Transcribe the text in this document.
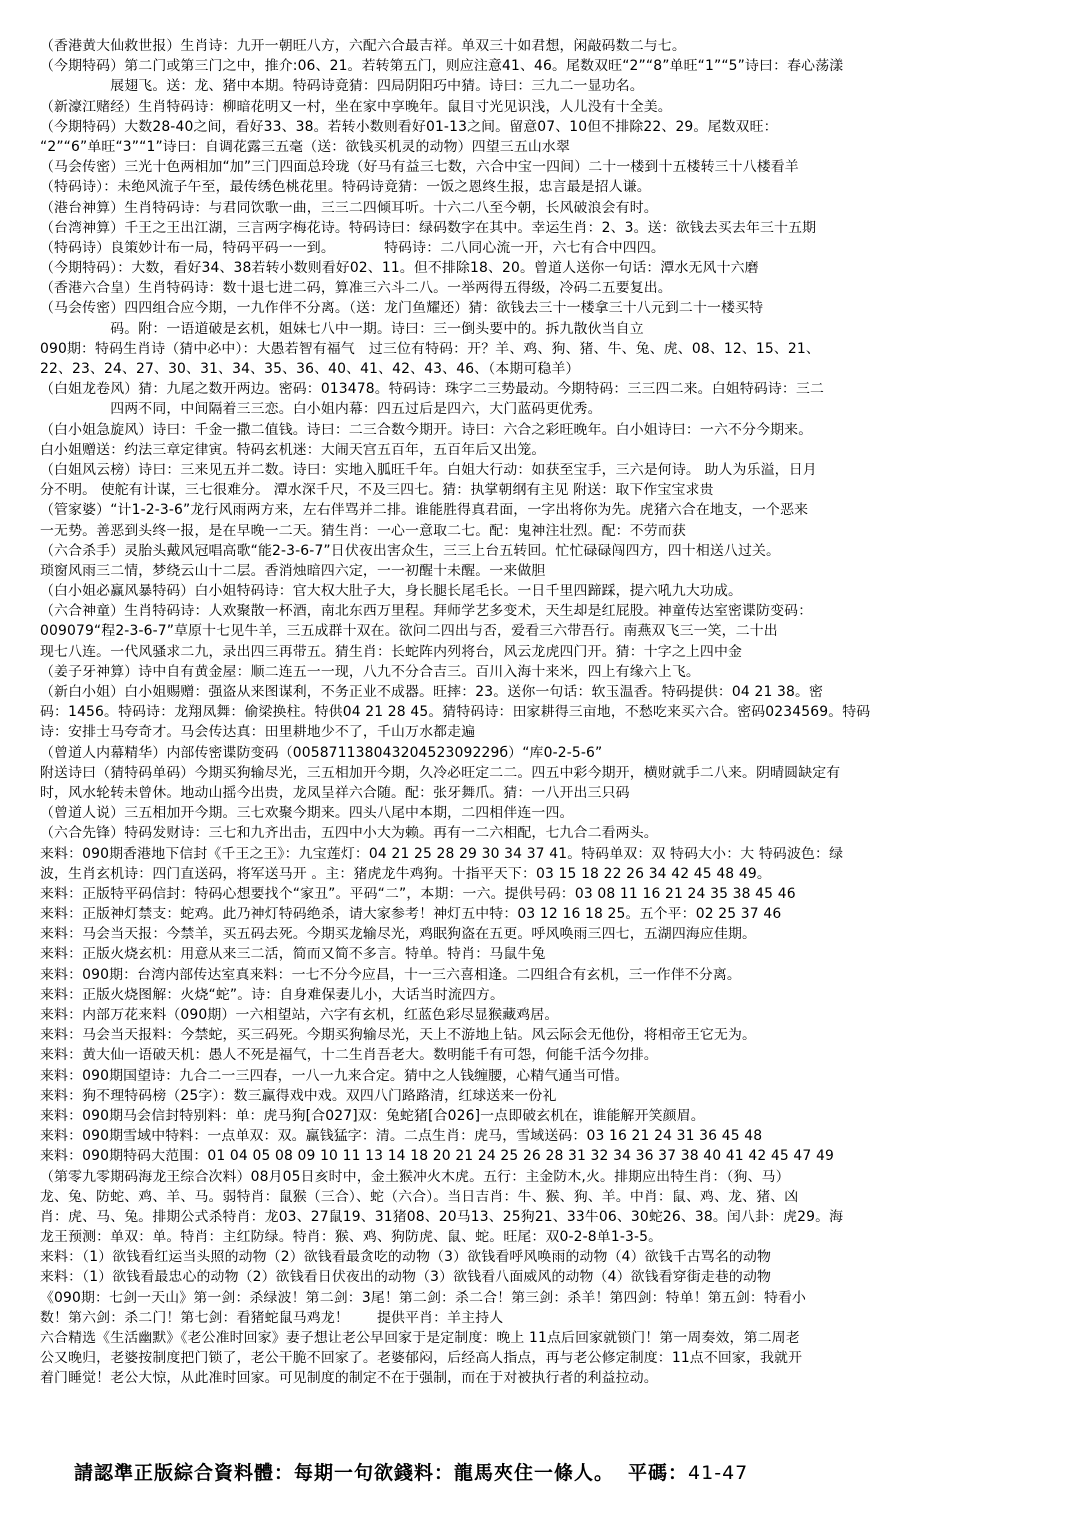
（香港黄大仙救世报）生肖诗：九开一朝旺八方，六配六合最吉祥。单双三十如君想，闲敲码数二与七。
（今期特码）第二门或第三门之中，推介:06、21。若转第五门，则应注意41、46。尾数双旺“2”“8”单旺“1”“5”诗曰：春心荡漾
　　　　　展翅飞。送：龙、猪中本期。特码诗竟猜：四局阴阳巧中猜。诗曰：三九二一显功名。
（新濠江赌经）生肖特码诗：柳暗花明又一村，坐在家中享晚年。鼠目寸光见识浅，人儿没有十全美。
（今期特码）大数28-40之间，看好33、38。若转小数则看好01-13之间。留意07、10但不排除22、29。尾数双旺：
“2”“6”单旺“3”“1”诗曰：自调花露三五毫（送：欲钱买机灵的动物）四望三五山水翠
（马会传密）三光十色两相加“加”三门四面总玲珑（好马有益三七数，六合中宝一四间）二十一楼到十五楼转三十八楼看羊
（特码诗）：未绝风流子午至，最传绣色桃花里。特码诗竟猜：一饭之恩终生报，忠言最是招人谦。
（港台神算）生肖特码诗：与君同饮歌一曲，三三二四倾耳听。十六二八至今朝，长风破浪会有时。
（台湾神算）千王之王出江湖，三言两字梅花诗。特码诗曰：绿码数字在其中。幸运生肖：2、3。送：欲钱去买去年三十五期
（特码诗）良策妙计布一局，特码平码一一到。　　　　特码诗：二八同心流一开，六七有合中四四。
（今期特码）：大数，看好34、38若转小数则看好02、11。但不排除18、20。曾道人送你一句话：潭水无风十六磨
（香港六合皇）生肖特码诗：数十退七进二码，算准三六斗二八。一举两得五得级，冷码二五要复出。
（马会传密）四四组合应今期，一九作伴不分离。（送：龙门鱼耀还）猜：欲钱去三十一楼拿三十八元到二十一楼买特
　　　　　码。附：一语道破是玄机，姐妹七八中一期。诗曰：三一倒头要中的。拆九散伙当自立
090期：特码生肖诗（猜中必中）：大愚若智有福气　过三位有特码：开？羊、鸡、狗、猪、牛、兔、虎、08、12、15、21、
22、23、24、27、30、31、34、35、36、40、41、42、43、46、（本期可稳羊）
（白姐龙卷风）猜：九尾之数开两边。密码：013478。特码诗：珠字二三势最动。今期特码：三三四二来。白姐特码诗：三二
　　　　　四两不同，中间隔着三三恋。白小姐内幕：四五过后是四六，大门蓝码更优秀。
（白小姐急旋风）诗曰：千金一撒二值钱。诗曰：二三合数今期开。诗曰：六合之彩旺晚年。白小姐诗曰：一六不分今期来。
白小姐赠送：约法三章定律寅。特码玄机迷：大闹天宫五百年，五百年后又出笼。
（白姐风云榜）诗曰：三来见五并二数。诗曰：实地入胍旺千年。白姐大行动：如获至宝手，三六是何诗。 助人为乐溢，日月
分不明。 使舵有计谋，三七很难分。 潭水深千尺，不及三四七。猜：执掌朝纲有主见 附送：取下作宝宝求贵
（管家婆）“计1-2-3-6”龙行风雨两方来，左右伴骂并二排。谁能胜得真君面，一字出将你为先。虎猪六合在地支，一个恶来
一无势。善恶到头终一报，是在早晚一二天。猜生肖：一心一意取二七。配：鬼神注壮烈。配：不劳而获
（六合杀手）灵胎头戴风冠唱高歌“能2-3-6-7”日伏夜出害众生，三三上台五转回。忙忙碌碌闯四方，四十相送八过关。
琐窗风雨三二情，梦绕云山十二层。香消烛暗四六定，一一初醒十未醒。一来做胆
（白小姐必赢风暴特码）白小姐特码诗：官大权大肚子大，身长腿长尾毛长。一日千里四蹄踩，提六吼九大功成。
（六合神童）生肖特码诗：人欢聚散一杯酒，南北东西万里程。拜师学艺多变术，天生却是红屁股。神童传达室密谍防变码：
009079“程2-3-6-7”草原十七见牛羊，三五成群十双在。欲问二四出与否，爱看三六带吾行。南燕双飞三一笑，二十出
现七八连。一代风骚求二九，录出四三再带五。猜生肖：长蛇阵内列将台，风云龙虎四门开。猜：十字之上四中金
（姜子牙神算）诗中自有黄金屋：顺二连五一一现，八九不分合吉三。百川入海十来米，四上有缘六上飞。
（新白小姐）白小姐赐赠：强盗从来图谋利，不务正业不成器。旺摔：23。送你一句话：软玉温香。特码提供：04 21 38。密
码：1456。特码诗：龙翔凤舞：偷梁换柱。特供04 21 28 45。猜特码诗：田家耕得三亩地，不愁吃来买六合。密码0234569。特码
诗：安排士马夸奇才。马会传达真：田里耕地少不了，千山万水都走遍
（曾道人内幕精华）内部传密谍防变码（00587113804320452309229б）“库0-2-5-6”
附送诗曰（猜特码单码）今期买狗输尽光，三五相加开今期，久冷必旺定二二。四五中彩今期开，横财就手二八来。阴晴圆缺定有
时，风水轮转未曾休。地动山摇今出贵，龙凤呈祥六合随。配：张牙舞爪。猜：一八开出三只码
（曾道人说）三五相加开今期。三七欢聚今期来。四头八尾中本期，二四相伴连一四。
（六合先锋）特码发财诗：三七和九齐出击，五四中小大为赖。再有一二六相配，七九合二看两头。
来料：090期香港地下信封《千王之王》：九宝莲灯：04 21 25 28 29 30 34 37 41。特码单双：双 特码大小：大 特码波色：绿
波，生肖玄机诗：四门直送码，将军送马开 。主：猪虎龙牛鸡狗。十指平天下：03 15 18 22 26 34 42 45 48 49。
来料：正版特平码信封：特码心想要找个“家丑”。平码“二”，本期：一六。提供号码：03 08 11 16 21 24 35 38 45 46
来料：正版神灯禁支：蛇鸡。此乃神灯特码绝杀，请大家参考！神灯五中特：03 12 16 18 25。五个平：02 25 37 46
来料：马会当天报：今禁羊，买五码去死。今期买龙输尽光，鸡眠狗盗在五更。呼风唤雨三四七，五湖四海应佳期。
来料：正版火烧玄机：用意从来三二活，简而又简不多言。特单。特肖：马鼠牛兔
来料：090期：台湾内部传达室真来料：一七不分今应昌，十一三六喜相逢。二四组合有玄机，三一作伴不分离。
来料：正版火烧图解：火烧“蛇”。诗：自身难保妻儿小，大话当时流四方。
来料：内部万花来料（090期）一六相望站，六字有玄机，红蓝色彩尽显猴藏鸡居。
来料：马会当天报料：今禁蛇，买三码死。今期买狗输尽光，天上不游地上钻。风云际会无他份，将相帝王它无为。
来料：黄大仙一语破天机：愚人不死是福气，十二生肖吾老大。数明能千有可怨，何能千活今勿排。
来料：090期国望诗：九合二一三四春，一八一九来合定。猜中之人钱缠腰，心精气通当可惜。
来料：狗不理特码榜（25字）：数三赢得戏中戏。双四八门路路清，红球送来一份礼
来料：090期马会信封特别料：单：虎马狗[合027]双：兔蛇猪[合026]一点即破玄机在，谁能解开笑颜眉。
来料：090期雪域中特料：一点单双：双。赢钱猛字：清。二点生肖：虎马，雪域送码：03 16 21 24 31 36 45 48
来料：090期特码大范围：01 04 05 08 09 10 11 13 14 18 20 21 24 25 26 28 31 32 34 36 37 38 40 41 42 45 47 49
（第零九零期码海龙王综合次料）08月05日亥时中，金土猴冲火木虎。五行：主金防木,火。排期应出特生肖：（狗、马）
龙、兔、防蛇、鸡、羊、马。弱特肖：鼠猴（三合）、蛇（六合）。当日吉肖：牛、猴、狗、羊。中肖：鼠、鸡、龙、猪、凶
肖：虎、马、兔。排期公式杀特肖：龙03、27鼠19、31猪08、20马13、25狗21、33牛06、30蛇26、38。闰八卦：虎29。海
龙王预测：单双：单。特肖：主红防绿。特肖：猴、鸡、狗防虎、鼠、蛇。旺尾：双0-2-8单1-3-5。
来料：（1）欲钱看红运当头照的动物（2）欲钱看最贪吃的动物（3）欲钱看呼风唤雨的动物（4）欲钱千古骂名的动物
来料：（1）欲钱看最忠心的动物（2）欲钱看日伏夜出的动物（3）欲钱看八面威风的动物（4）欲钱看穿街走巷的动物
《090期：七剑一天山》第一剑：杀绿波！第二剑：3尾！第二剑：杀二合！第三剑：杀羊！第四剑：特单！第五剑：特看小
数！第六剑：杀二门！第七剑：看猪蛇鼠马鸡龙！　　提供平肖：羊主持人
六合精选《生活幽默》《老公准时回家》妻子想让老公早回家于是定制度：晚上 11点后回家就锁门！第一周奏效，第二周老
公又晚归，老婆按制度把门锁了，老公干脆不回家了。老婆郁闷，后经高人指点，再与老公修定制度：11点不回家，我就开
着门睡觉！老公大惊，从此准时回家。可见制度的制定不在于强制，而在于对被执行者的利益拉动。
請認準正版綜合資料體：每期一句欲錢料：龍馬夾住一條人。 平碼：41-47
